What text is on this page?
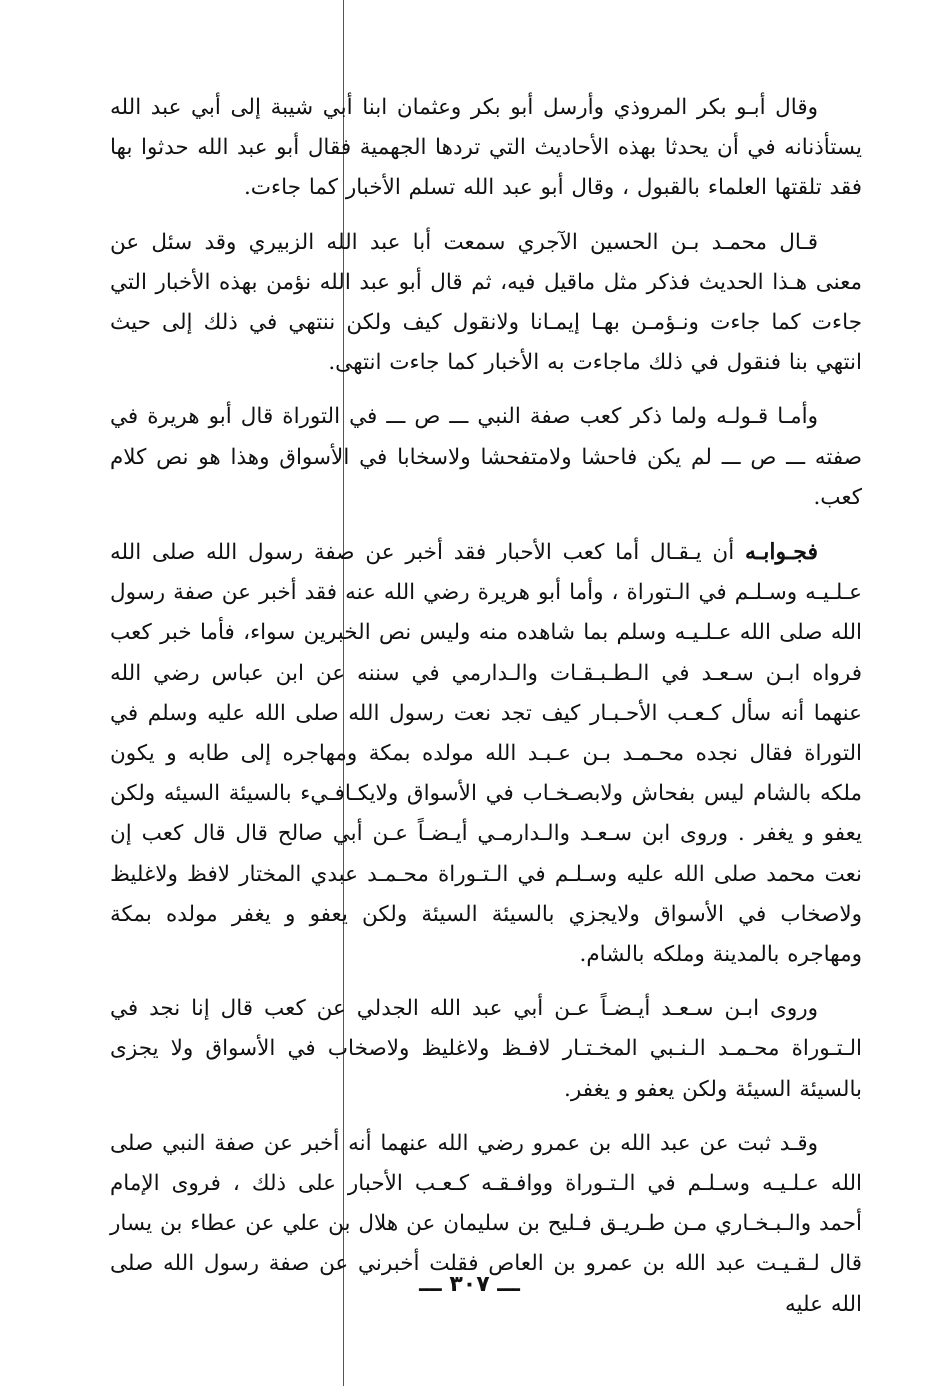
وقال أبـو بكر المروذي وأرسل أبو بكر وعثمان ابنا أبي شيبة إلى أبي عبد الله يستأذنانه في أن يحدثا بهذه الأحاديث التي تردها الجهمية فقال أبو عبد الله حدثوا بها فقد تلقتها العلماء بالقبول ، وقال أبو عبد الله تسلم الأخبار كما جاءت.

قـال محمـد بـن الحسين الآجري سمعت أبا عبد الله الزبيري وقد سئل عن معنى هـذا الحديث فذكر مثل ماقيل فيه، ثم قال أبو عبد الله نؤمن بهذه الأخبار التي جاءت كما جاءت ونـؤمـن بهـا إيمـانا ولانقول كيف ولكن ننتهي في ذلك إلى حيث انتهي بنا فنقول في ذلك ماجاءت به الأخبار كما جاءت انتهى.

وأمـا قـولـه ولما ذكر كعب صفة النبي ـــ ص ـــ في التوراة قال أبو هريرة في صفته ـــ ص ـــ لم يكن فاحشا ولامتفحشا ولاسخابا في الأسواق وهذا هو نص كلام كعب.

فجـوابـه أن يـقـال أما كعب الأحبار فقد أخبر عن صفة رسول الله صلى الله عـلـيـه وسـلـم في الـتوراة ، وأما أبو هريرة رضي الله عنه فقد أخبر عن صفة رسول الله صلى الله عـلـيـه وسلم بما شاهده منه وليس نص الخبرين سواء، فأما خبر كعب فرواه ابـن سـعـد في الـطـبـقـات والـدارمي في سننه عن ابن عباس رضي الله عنهما أنه سأل كـعـب الأحـبـار كيف تجد نعت رسول الله صلى الله عليه وسلم في التوراة فقال نجده محـمـد بـن عـبـد الله مولده بمكة ومهاجره إلى طابه و يكون ملكه بالشام ليس بفحاش ولابصـخـاب في الأسواق ولايكـافـيء بالسيئة السيئه ولكن يعفو و يغفر . وروى ابن سـعـد والـدارمـي أيـضـاً عـن أبي صالح قال قال كعب إن نعت محمد صلى الله عليه وسـلـم في الـتـوراة محـمـد عبدي المختار لافظ ولاغليظ ولاصخاب في الأسواق ولايجزي بالسيئة السيئة ولكن يعفو و يغفر مولده بمكة ومهاجره بالمدينة وملكه بالشام.

وروى ابـن سـعـد أيـضـاً عـن أبي عبد الله الجدلي عن كعب قال إنا نجد في الـتـوراة محـمـد الـنـبي المخـتـار لافـظ ولاغليظ ولاصخاب في الأسواق ولا يجزى بالسيئة السيئة ولكن يعفو و يغفر.

وقـد ثبت عن عبد الله بن عمرو رضي الله عنهما أنه أخبر عن صفة النبي صلى الله عـلـيـه وسـلـم في الـتـوراة ووافـقـه كـعـب الأحبار على ذلك ، فروى الإمام أحمد والـبـخـاري مـن طـريـق فـليح بن سليمان عن هلال بن علي عن عطاء بن يسار قال لـقـيـت عبد الله بن عمرو بن العاص فقلت أخبرني عن صفة رسول الله صلى الله عليه

ـــ ٣٠٧ ـــ
